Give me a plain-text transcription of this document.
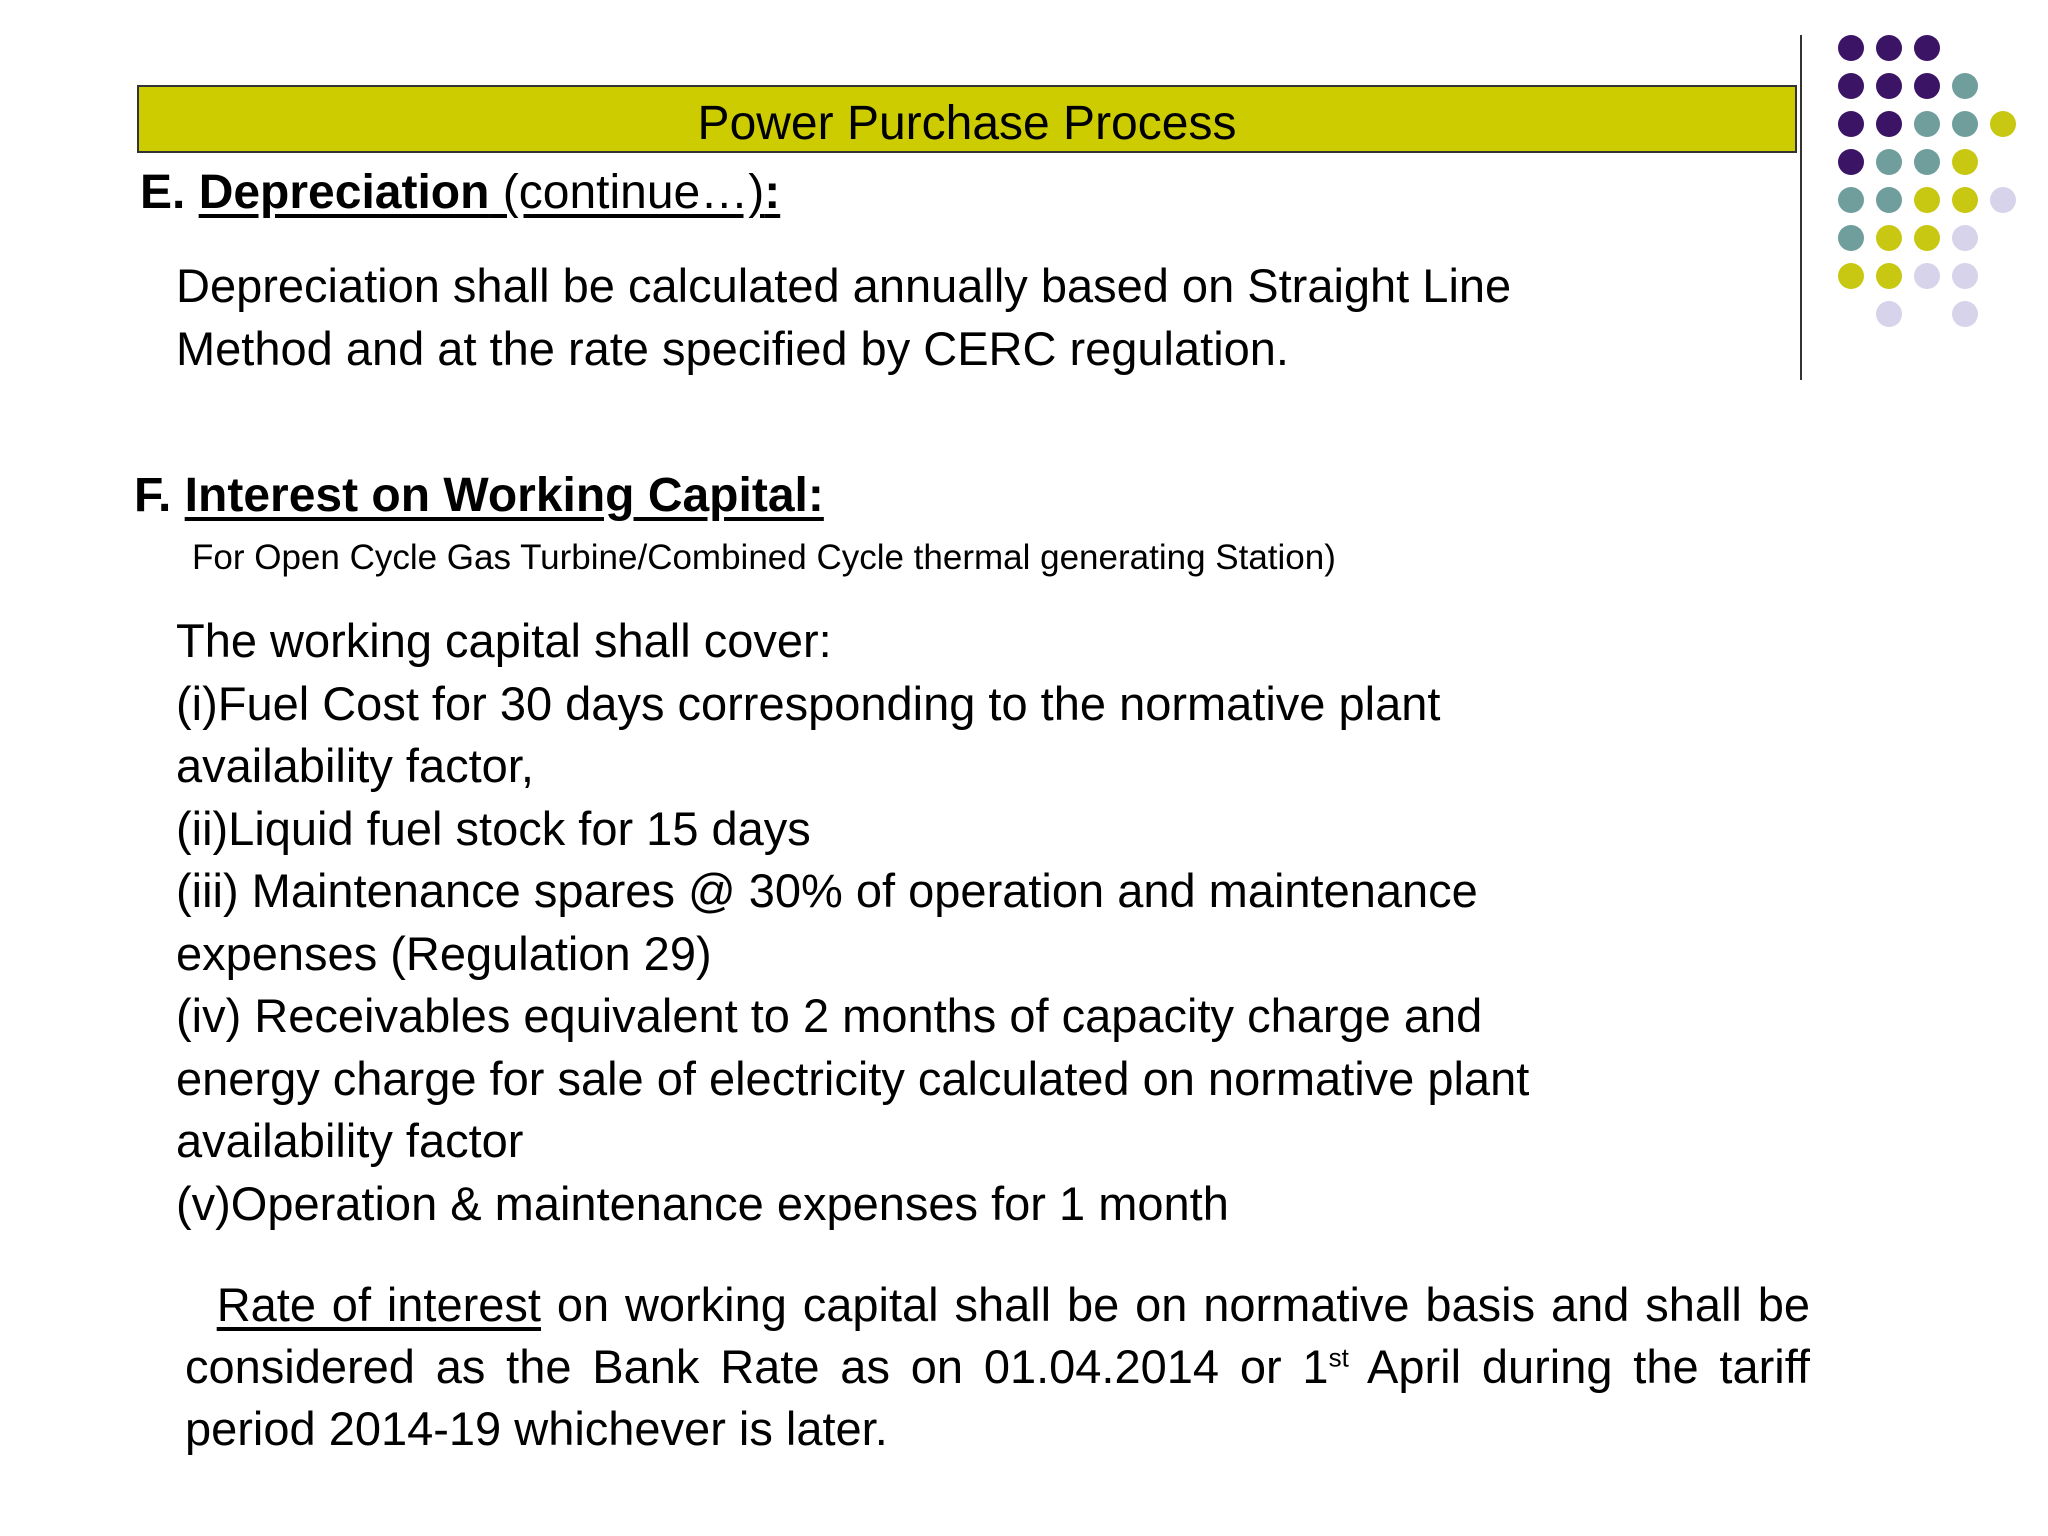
Power Purchase Process
E. Depreciation (continue…):
Depreciation shall be calculated annually based on Straight Line
Method and at the rate specified by CERC regulation.
F. Interest on Working Capital:
For Open Cycle Gas Turbine/Combined Cycle thermal generating Station)
The working capital shall cover:
(i)Fuel Cost for 30 days corresponding to the normative plant
availability factor,
(ii)Liquid fuel stock for 15 days
(iii) Maintenance spares @ 30% of operation and maintenance
expenses (Regulation 29)
(iv) Receivables equivalent to 2 months of capacity charge and
energy charge for sale of electricity calculated on normative plant
availability factor
(v)Operation & maintenance expenses for 1 month
Rate of interest on working capital shall be on normative basis and shall be considered as the Bank Rate as on 01.04.2014 or 1st April during the tariff period 2014-19 whichever is later.
